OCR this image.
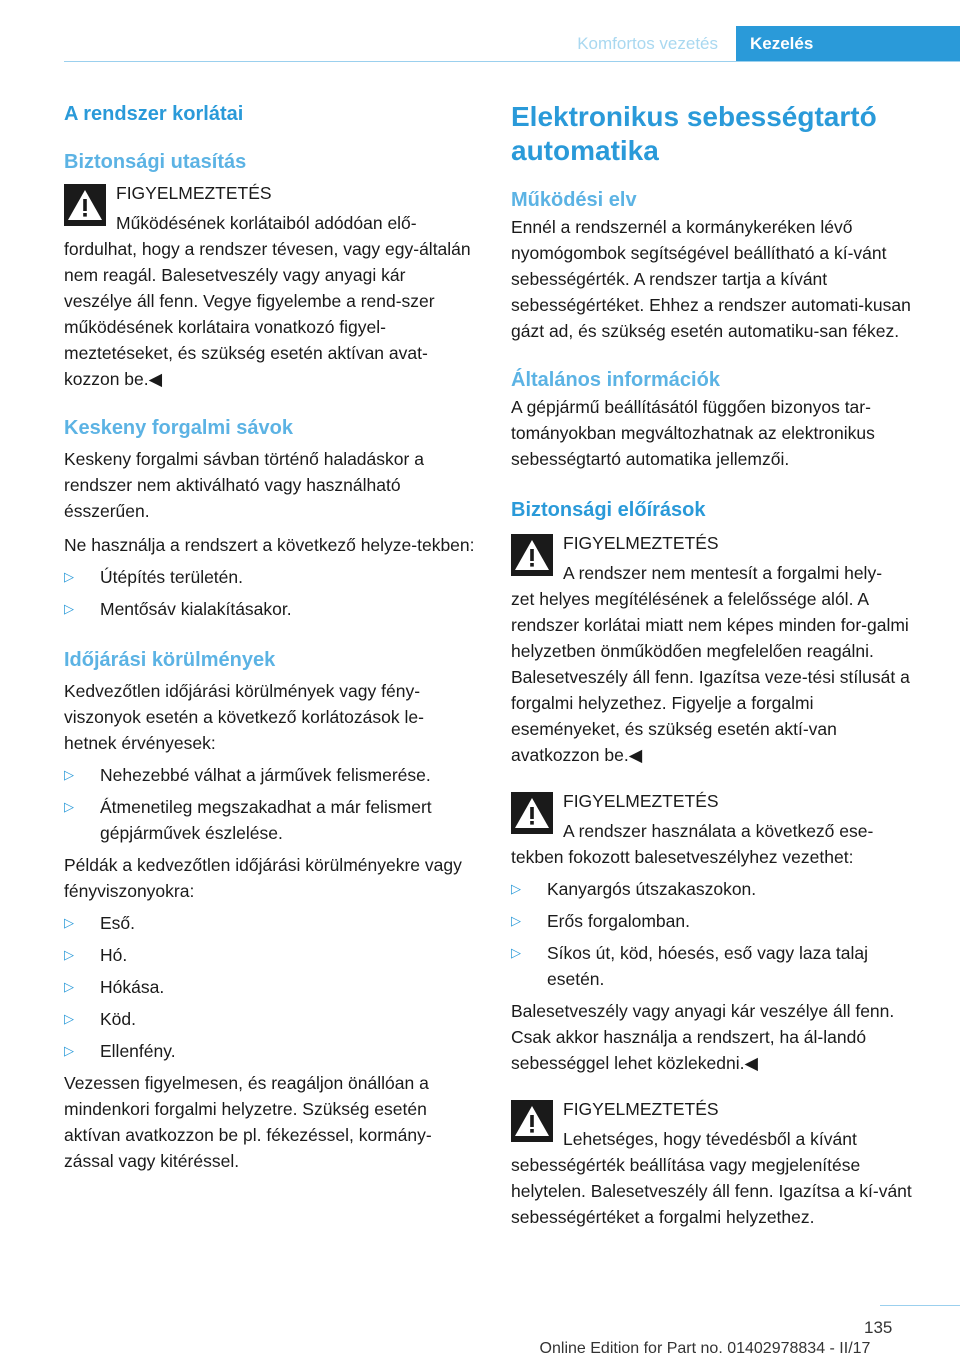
Komfortos vezetés	Kezelés
A rendszer korlátai
Biztonsági utasítás

FIGYELMEZTETÉS

Működésének korlátaiból adódóan elő-

fordulhat, hogy a rendszer tévesen, vagy egy-általán nem reagál. Balesetveszély vagy anyagi kár veszélye áll fenn. Vegye figyelembe a rend-szer működésének korlátaira vonatkozó figyel-meztetéseket, és szükség esetén aktívan avat-kozzon be.◀

Keskeny forgalmi sávok

Keskeny forgalmi sávban történő haladáskor a rendszer nem aktiválható vagy használható ésszerűen.

Ne használja a rendszert a következő helyze-tekben:

▷ Útépítés területén.
▷ Mentősáv kialakításakor.
Időjárási körülmények

Kedvezőtlen időjárási körülmények vagy fény-viszonyok esetén a következő korlátozások le-hetnek érvényesek:

▷ Nehezebbé válhat a járművek felismerése.
▷ Átmenetileg megszakadhat a már felismert gépjárművek észlelése.

Példák a kedvezőtlen időjárási körülményekre vagy fényviszonyokra:

▷ Eső.
▷ Hó.
▷ Hókása.
▷ Köd.
▷ Ellenfény.

Vezessen figyelmesen, és reagáljon önállóan a mindenkori forgalmi helyzetre. Szükség esetén aktívan avatkozzon be pl. fékezéssel, kormány-zással vagy kitéréssel.

Elektronikus sebességtartó automatika
Működési elv

Ennél a rendszernél a kormánykeréken lévő nyomógombok segítségével beállítható a kí-vánt sebességérték. A rendszer tartja a kívánt sebességértéket. Ehhez a rendszer automati-kusan gázt ad, és szükség esetén automatiku-san fékez.

Általános információk

A gépjármű beállításától függően bizonyos tar-tományokban megváltozhatnak az elektronikus sebességtartó automatika jellemzői.

Biztonsági előírások

FIGYELMEZTETÉS

A rendszer nem mentesít a forgalmi hely-

zet helyes megítélésének a felelőssége alól. A rendszer korlátai miatt nem képes minden for-galmi helyzetben önműködően megfelelően reagálni. Balesetveszély áll fenn. Igazítsa veze-tési stílusát a forgalmi helyzethez. Figyelje a forgalmi eseményeket, és szükség esetén aktí-van avatkozzon be.◀

FIGYELMEZTETÉS

A rendszer használata a következő ese-

tekben fokozott balesetveszélyhez vezethet:

▷ Kanyargós útszakaszokon.
▷ Erős forgalomban.
▷ Síkos út, köd, hóesés, eső vagy laza talaj esetén.

Balesetveszély vagy anyagi kár veszélye áll fenn. Csak akkor használja a rendszert, ha ál-landó sebességgel lehet közlekedni.◀

FIGYELMEZTETÉS

Lehetséges, hogy tévedésből a kívánt

sebességérték beállítása vagy megjelenítése helytelen. Balesetveszély áll fenn. Igazítsa a kí-vánt sebességértéket a forgalmi helyzethez.

135
Online Edition for Part no. 01402978834 - II/17
